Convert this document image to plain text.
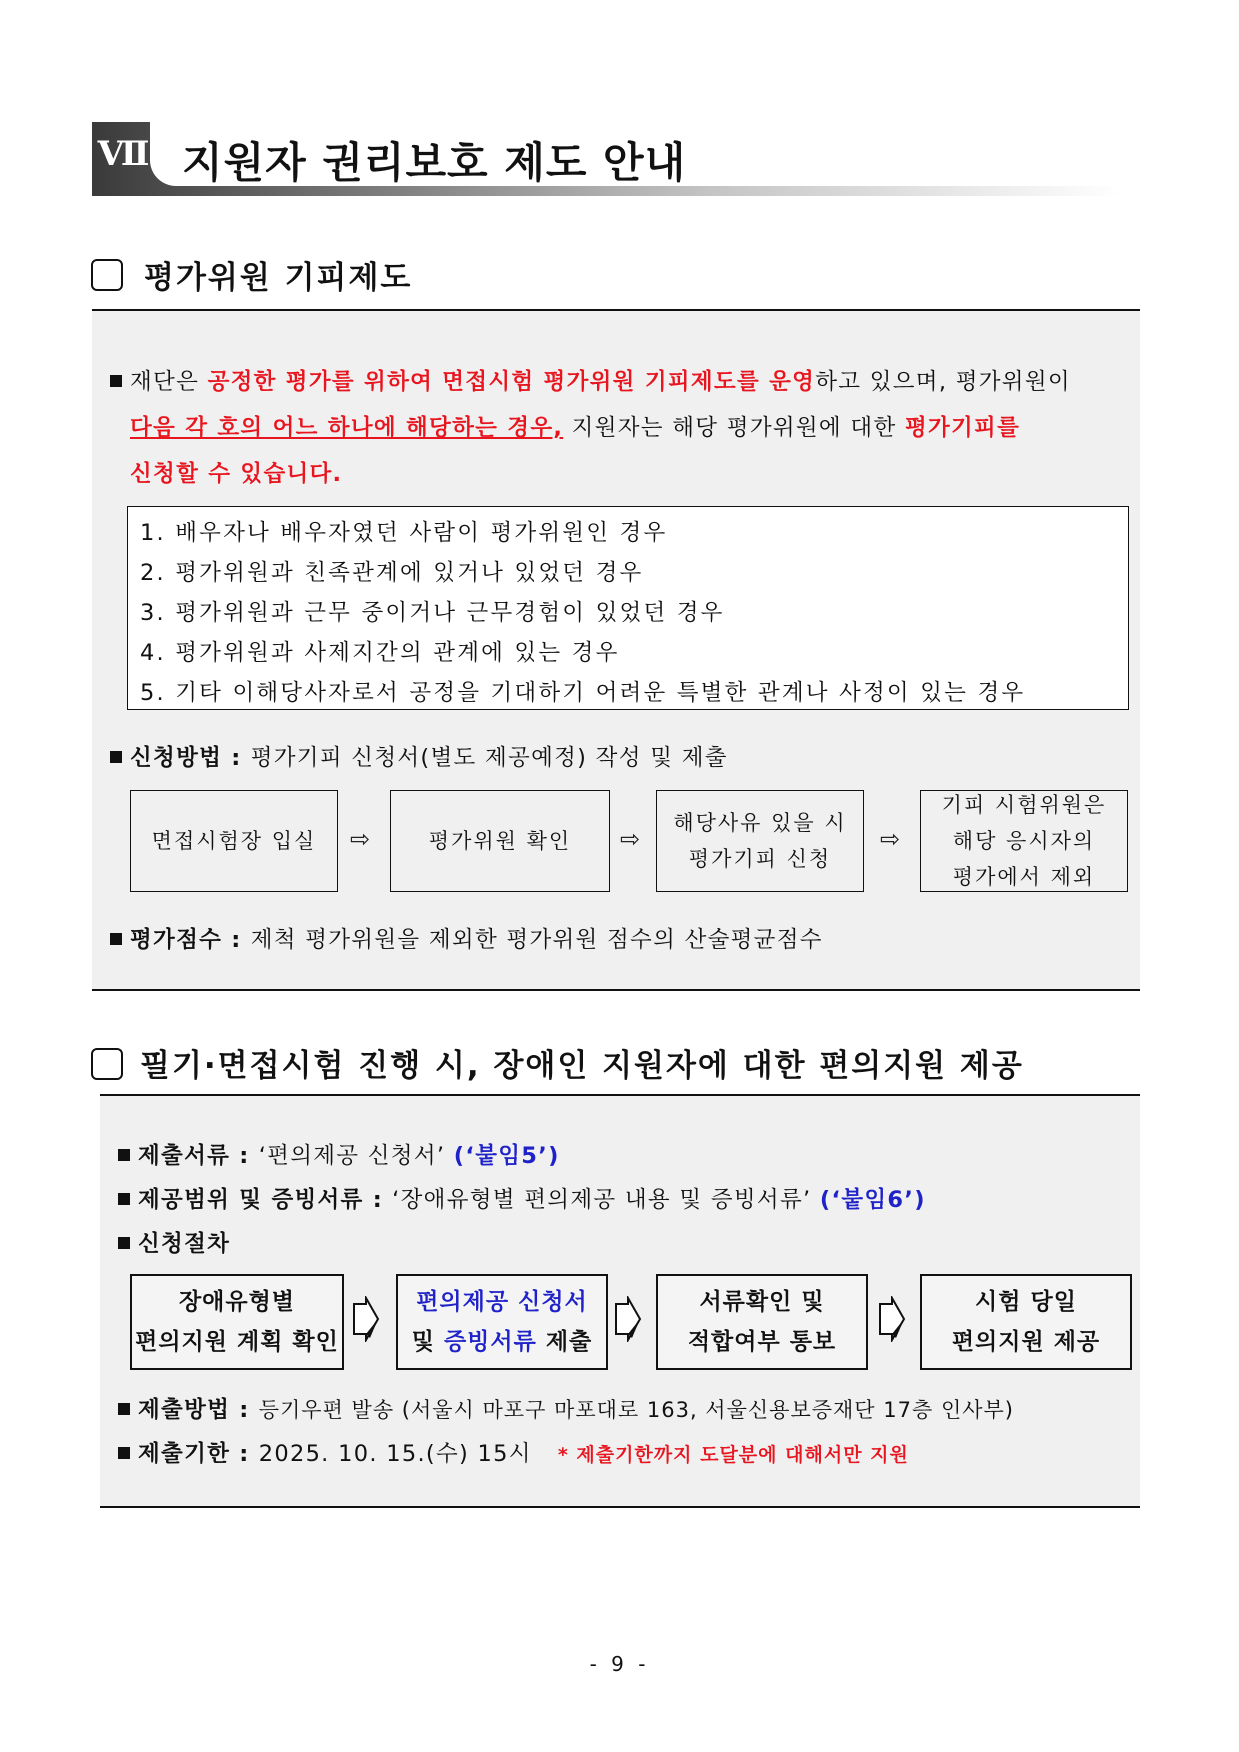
Ⅶ 지원자 권리보호 제도 안내
평가위원 기피제도
재단은 공정한 평가를 위하여 면접시험 평가위원 기피제도를 운영하고 있으며, 평가위원이
다음 각 호의 어느 하나에 해당하는 경우, 지원자는 해당 평가위원에 대한 평가기피를
신청할 수 있습니다.
1. 배우자나 배우자였던 사람이 평가위원인 경우
2. 평가위원과 친족관계에 있거나 있었던 경우
3. 평가위원과 근무 중이거나 근무경험이 있었던 경우
4. 평가위원과 사제지간의 관계에 있는 경우
5. 기타 이해당사자로서 공정을 기대하기 어려운 특별한 관계나 사정이 있는 경우
신청방법 : 평가기피 신청서(별도 제공예정) 작성 및 제출
면접시험장 입실 ⇨	평가위원 확인 ⇨
해당사유 있을 시
평가기피 신청
⇨
기피 시험위원은
해당 응시자의
평가에서 제외
평가점수 : 제척 평가위원을 제외한 평가위원 점수의 산술평균점수
필기·면접시험 진행 시, 장애인 지원자에 대한 편의지원 제공
제출서류 : ‘편의제공 신청서’ (‘붙임5’)
제공범위 및 증빙서류 : ‘장애유형별 편의제공 내용 및 증빙서류’ (‘붙임6’)
신청절차
장애유형별
편의지원 계획 확인
편의제공 신청서
및 증빙서류 제출
서류확인 및
적합여부 통보
시험 당일
편의지원 제공
제출방법 : 등기우편 발송 (서울시 마포구 마포대로 163, 서울신용보증재단 17층 인사부)
제출기한 : 2025. 10. 15.(수) 15시 * 제출기한까지 도달분에 대해서만 지원
- 9 -
